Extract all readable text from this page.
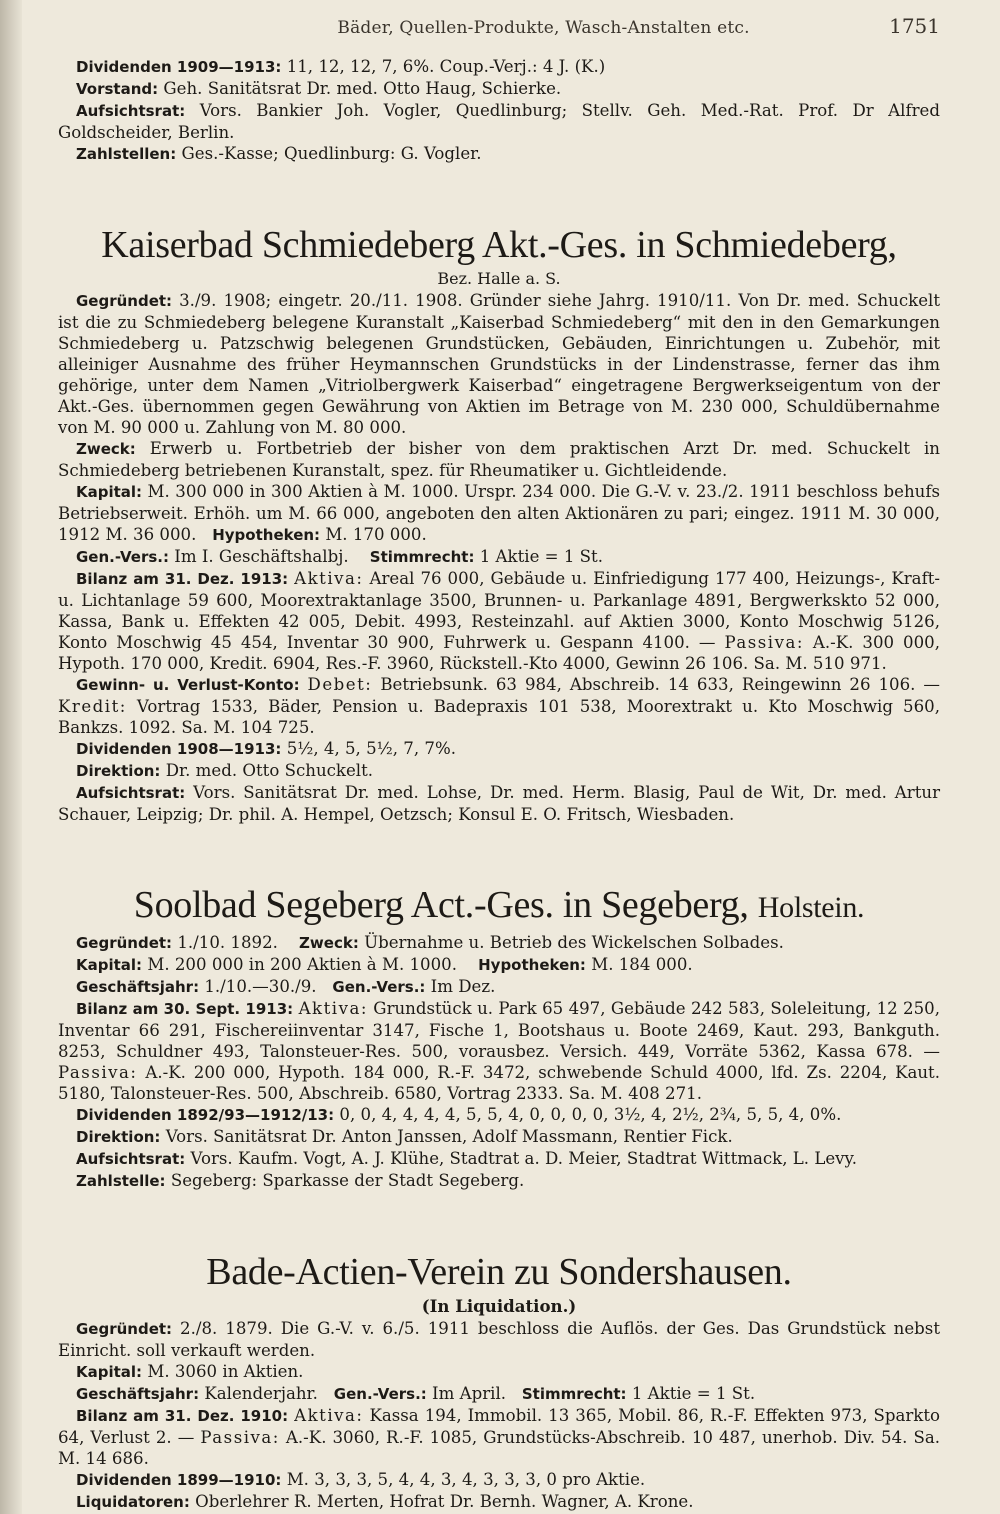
Bäder, Quellen-Produkte, Wasch-Anstalten etc.	1751

Dividenden 1909—1913: 11, 12, 12, 7, 6%. Coup.-Verj.: 4 J. (K.)

Vorstand: Geh. Sanitätsrat Dr. med. Otto Haug, Schierke.

Aufsichtsrat: Vors. Bankier Joh. Vogler, Quedlinburg; Stellv. Geh. Med.-Rat. Prof. Dr Alfred Goldscheider, Berlin.

Zahlstellen: Ges.-Kasse; Quedlinburg: G. Vogler.

Kaiserbad Schmiedeberg Akt.-Ges. in Schmiedeberg,
Bez. Halle a. S.

Gegründet: 3./9. 1908; eingetr. 20./11. 1908. Gründer siehe Jahrg. 1910/11. Von Dr. med. Schuckelt ist die zu Schmiedeberg belegene Kuranstalt „Kaiserbad Schmiedeberg“ mit den in den Gemarkungen Schmiedeberg u. Patzschwig belegenen Grundstücken, Gebäuden, Einrichtungen u. Zubehör, mit alleiniger Ausnahme des früher Heymannschen Grundstücks in der Lindenstrasse, ferner das ihm gehörige, unter dem Namen „Vitriolbergwerk Kaiserbad“ eingetragene Bergwerkseigentum von der Akt.-Ges. übernommen gegen Gewährung von Aktien im Betrage von M. 230 000, Schuldübernahme von M. 90 000 u. Zahlung von M. 80 000.

Zweck: Erwerb u. Fortbetrieb der bisher von dem praktischen Arzt Dr. med. Schuckelt in Schmiedeberg betriebenen Kuranstalt, spez. für Rheumatiker u. Gichtleidende.

Kapital: M. 300 000 in 300 Aktien à M. 1000. Urspr. 234 000. Die G.-V. v. 23./2. 1911 beschloss behufs Betriebserweit. Erhöh. um M. 66 000, angeboten den alten Aktionären zu pari; eingez. 1911 M. 30 000, 1912 M. 36 000. Hypotheken: M. 170 000.

Gen.-Vers.: Im I. Geschäftshalbj. Stimmrecht: 1 Aktie = 1 St.

Bilanz am 31. Dez. 1913: Aktiva: Areal 76 000, Gebäude u. Einfriedigung 177 400, Heizungs-, Kraft- u. Lichtanlage 59 600, Moorextraktanlage 3500, Brunnen- u. Parkanlage 4891, Bergwerkskto 52 000, Kassa, Bank u. Effekten 42 005, Debit. 4993, Resteinzahl. auf Aktien 3000, Konto Moschwig 5126, Konto Moschwig 45 454, Inventar 30 900, Fuhrwerk u. Gespann 4100. — Passiva: A.-K. 300 000, Hypoth. 170 000, Kredit. 6904, Res.-F. 3960, Rückstell.-Kto 4000, Gewinn 26 106. Sa. M. 510 971.

Gewinn- u. Verlust-Konto: Debet: Betriebsunk. 63 984, Abschreib. 14 633, Reingewinn 26 106. — Kredit: Vortrag 1533, Bäder, Pension u. Badepraxis 101 538, Moorextrakt u. Kto Moschwig 560, Bankzs. 1092. Sa. M. 104 725.

Dividenden 1908—1913: 5½, 4, 5, 5½, 7, 7%.

Direktion: Dr. med. Otto Schuckelt.

Aufsichtsrat: Vors. Sanitätsrat Dr. med. Lohse, Dr. med. Herm. Blasig, Paul de Wit, Dr. med. Artur Schauer, Leipzig; Dr. phil. A. Hempel, Oetzsch; Konsul E. O. Fritsch, Wiesbaden.

Soolbad Segeberg Act.-Ges. in Segeberg, Holstein.

Gegründet: 1./10. 1892. Zweck: Übernahme u. Betrieb des Wickelschen Solbades.

Kapital: M. 200 000 in 200 Aktien à M. 1000. Hypotheken: M. 184 000.

Geschäftsjahr: 1./10.—30./9. Gen.-Vers.: Im Dez.

Bilanz am 30. Sept. 1913: Aktiva: Grundstück u. Park 65 497, Gebäude 242 583, Soleleitung, 12 250, Inventar 66 291, Fischereiinventar 3147, Fische 1, Bootshaus u. Boote 2469, Kaut. 293, Bankguth. 8253, Schuldner 493, Talonsteuer-Res. 500, vorausbez. Versich. 449, Vorräte 5362, Kassa 678. — Passiva: A.-K. 200 000, Hypoth. 184 000, R.-F. 3472, schwebende Schuld 4000, lfd. Zs. 2204, Kaut. 5180, Talonsteuer-Res. 500, Abschreib. 6580, Vortrag 2333. Sa. M. 408 271.

Dividenden 1892/93—1912/13: 0, 0, 4, 4, 4, 4, 5, 5, 4, 0, 0, 0, 0, 3½, 4, 2½, 2¾, 5, 5, 4, 0%.

Direktion: Vors. Sanitätsrat Dr. Anton Janssen, Adolf Massmann, Rentier Fick.

Aufsichtsrat: Vors. Kaufm. Vogt, A. J. Klühe, Stadtrat a. D. Meier, Stadtrat Wittmack, L. Levy.

Zahlstelle: Segeberg: Sparkasse der Stadt Segeberg.

Bade-Actien-Verein zu Sondershausen.
(In Liquidation.)

Gegründet: 2./8. 1879. Die G.-V. v. 6./5. 1911 beschloss die Auflös. der Ges. Das Grundstück nebst Einricht. soll verkauft werden.

Kapital: M. 3060 in Aktien.

Geschäftsjahr: Kalenderjahr. Gen.-Vers.: Im April. Stimmrecht: 1 Aktie = 1 St.

Bilanz am 31. Dez. 1910: Aktiva: Kassa 194, Immobil. 13 365, Mobil. 86, R.-F. Effekten 973, Sparkto 64, Verlust 2. — Passiva: A.-K. 3060, R.-F. 1085, Grundstücks-Abschreib. 10 487, unerhob. Div. 54. Sa. M. 14 686.

Dividenden 1899—1910: M. 3, 3, 3, 5, 4, 4, 3, 4, 3, 3, 3, 0 pro Aktie.

Liquidatoren: Oberlehrer R. Merten, Hofrat Dr. Bernh. Wagner, A. Krone.
